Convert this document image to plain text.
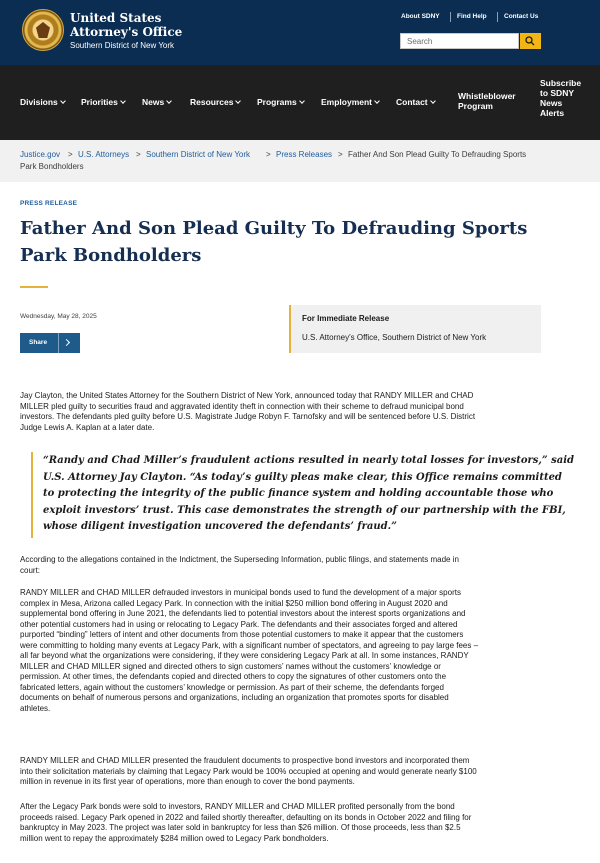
United States
Attorney's Office
Southern District of New York
About SDNY	Find Help	Contact Us
Search
Divisions	Priorities	News	Resources	Programs	Employment	Contact
Whistleblower
Program
Subscribe
to SDNY
News
Alerts
Justice.gov > U.S. Attorneys > Southern District of New York > Press Releases > Father And Son Plead Guilty To Defrauding Sports
Park Bondholders
PRESS RELEASE
Father And Son Plead Guilty To Defrauding Sports
Park Bondholders
Wednesday, May 28, 2025
Share
For Immediate Release
U.S. Attorney's Office, Southern District of New York
Jay Clayton, the United States Attorney for the Southern District of New York, announced today that RANDY MILLER and CHAD
MILLER pled guilty to securities fraud and aggravated identity theft in connection with their scheme to defraud municipal bond
investors. The defendants pled guilty before U.S. Magistrate Judge Robyn F. Tarnofsky and will be sentenced before U.S. District
Judge Lewis A. Kaplan at a later date.
“Randy and Chad Miller’s fraudulent actions resulted in nearly total losses for investors,” said
U.S. Attorney Jay Clayton. “As today’s guilty pleas make clear, this Office remains committed
to protecting the integrity of the public finance system and holding accountable those who
exploit investors’ trust. This case demonstrates the strength of our partnership with the FBI,
whose diligent investigation uncovered the defendants’ fraud.”
According to the allegations contained in the Indictment, the Superseding Information, public filings, and statements made in
court:
RANDY MILLER and CHAD MILLER defrauded investors in municipal bonds used to fund the development of a major sports
complex in Mesa, Arizona called Legacy Park. In connection with the initial $250 million bond offering in August 2020 and
supplemental bond offering in June 2021, the defendants lied to potential investors about the interest sports organizations and
other potential customers had in using or relocating to Legacy Park. The defendants and their associates forged and altered
purported “binding” letters of intent and other documents from those potential customers to make it appear that the customers
were committing to holding many events at Legacy Park, with a significant number of spectators, and agreeing to pay large fees –
all far beyond what the organizations were considering, if they were considering Legacy Park at all. In some instances, RANDY
MILLER and CHAD MILLER signed and directed others to sign customers’ names without the customers’ knowledge or
permission. At other times, the defendants copied and directed others to copy the signatures of other customers onto the
fabricated letters, again without the customers’ knowledge or permission. As part of their scheme, the defendants forged
documents on behalf of numerous persons and organizations, including an organization that promotes sports for disabled
athletes.
RANDY MILLER and CHAD MILLER presented the fraudulent documents to prospective bond investors and incorporated them
into their solicitation materials by claiming that Legacy Park would be 100% occupied at opening and would generate nearly $100
million in revenue in its first year of operations, more than enough to cover the bond payments.
After the Legacy Park bonds were sold to investors, RANDY MILLER and CHAD MILLER profited personally from the bond
proceeds raised. Legacy Park opened in 2022 and failed shortly thereafter, defaulting on its bonds in October 2022 and filing for
bankruptcy in May 2023. The project was later sold in bankruptcy for less than $26 million. Of those proceeds, less than $2.5
million went to repay the approximately $284 million owed to Legacy Park bondholders.
